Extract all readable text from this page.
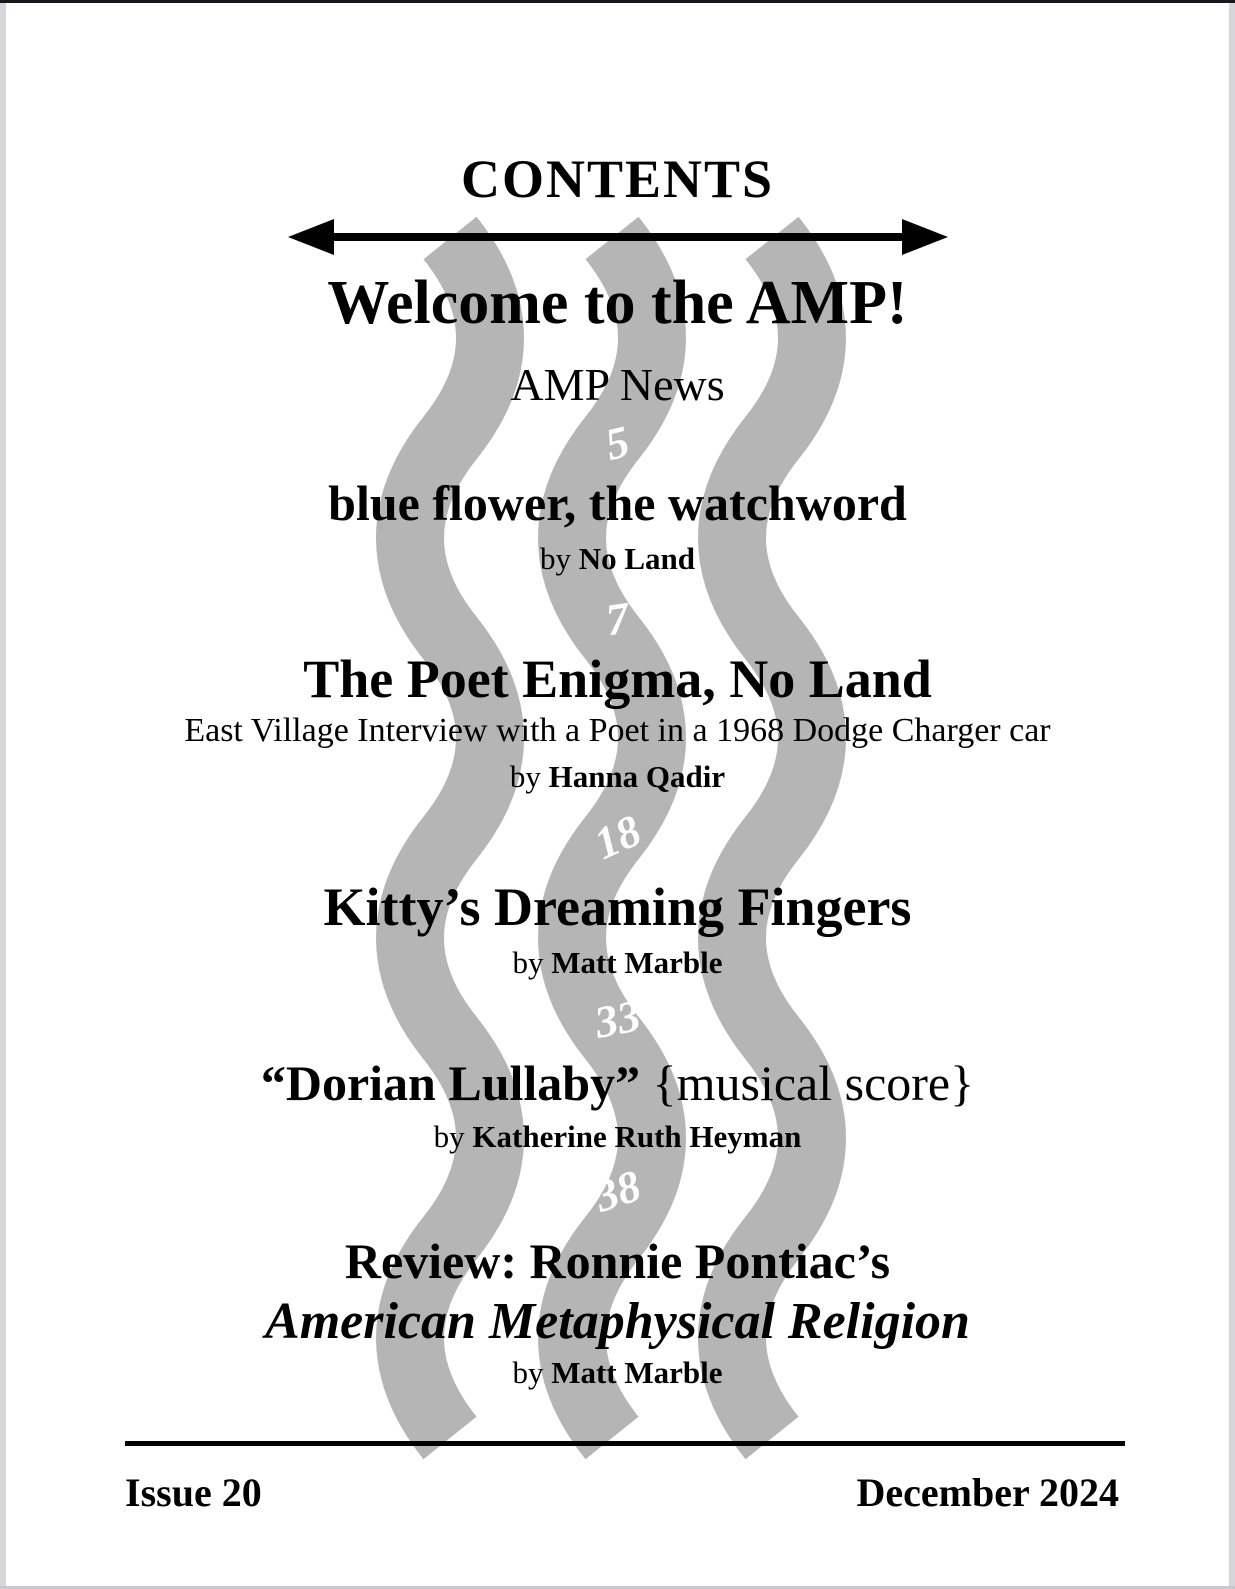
CONTENTS
Welcome to the AMP!
AMP News
5
blue flower, the watchword
by No Land
7
The Poet Enigma, No Land
East Village Interview with a Poet in a 1968 Dodge Charger car
by Hanna Qadir
18
Kitty’s Dreaming Fingers
by Matt Marble
33
“Dorian Lullaby” {musical score}
by Katherine Ruth Heyman
38
Review: Ronnie Pontiac’s
American Metaphysical Religion
by Matt Marble
Issue 20	December 2024
